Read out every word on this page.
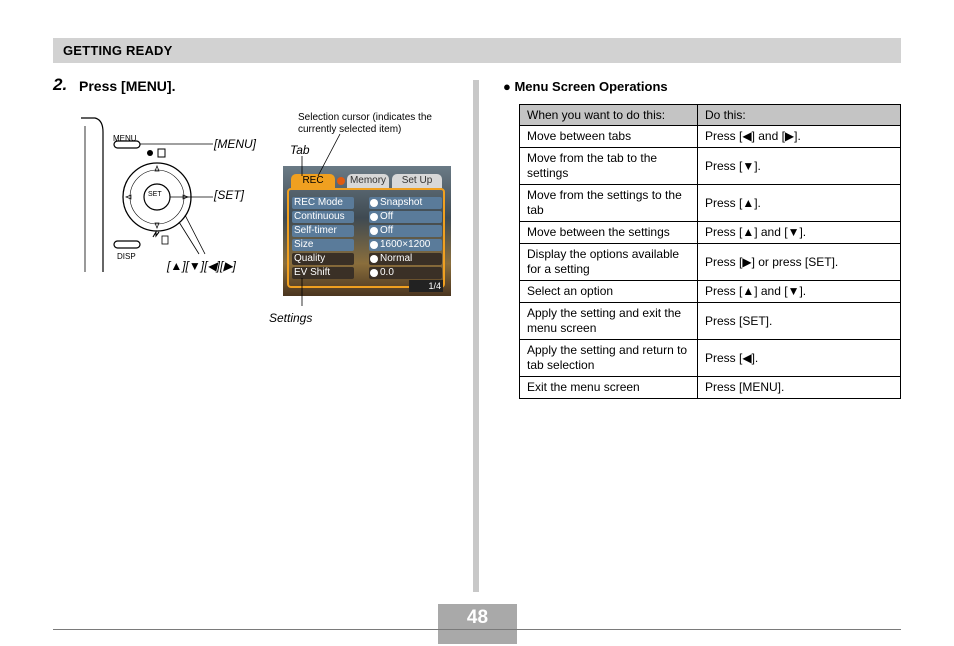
GETTING READY
2. Press [MENU].
MENU
DISP
SET
[MENU]
[SET]
[▲][▼][◀][▶]
Selection cursor (indicates the currently selected item)
Tab
Settings
REC	Memory	Set Up
REC Mode	Snapshot
Continuous	Off
Self-timer	Off
Size	1600×1200
Quality	Normal
EV Shift	0.0
1/4
● Menu Screen Operations
When you want to do this:	Do this:
Move between tabs	Press [◀] and [▶].
Move from the tab to the settings	Press [▼].
Move from the settings to the tab	Press [▲].
Move between the settings	Press [▲] and [▼].
Display the options available for a setting	Press [▶] or press [SET].
Select an option	Press [▲] and [▼].
Apply the setting and exit the menu screen	Press [SET].
Apply the setting and return to tab selection	Press [◀].
Exit the menu screen	Press [MENU].
48
